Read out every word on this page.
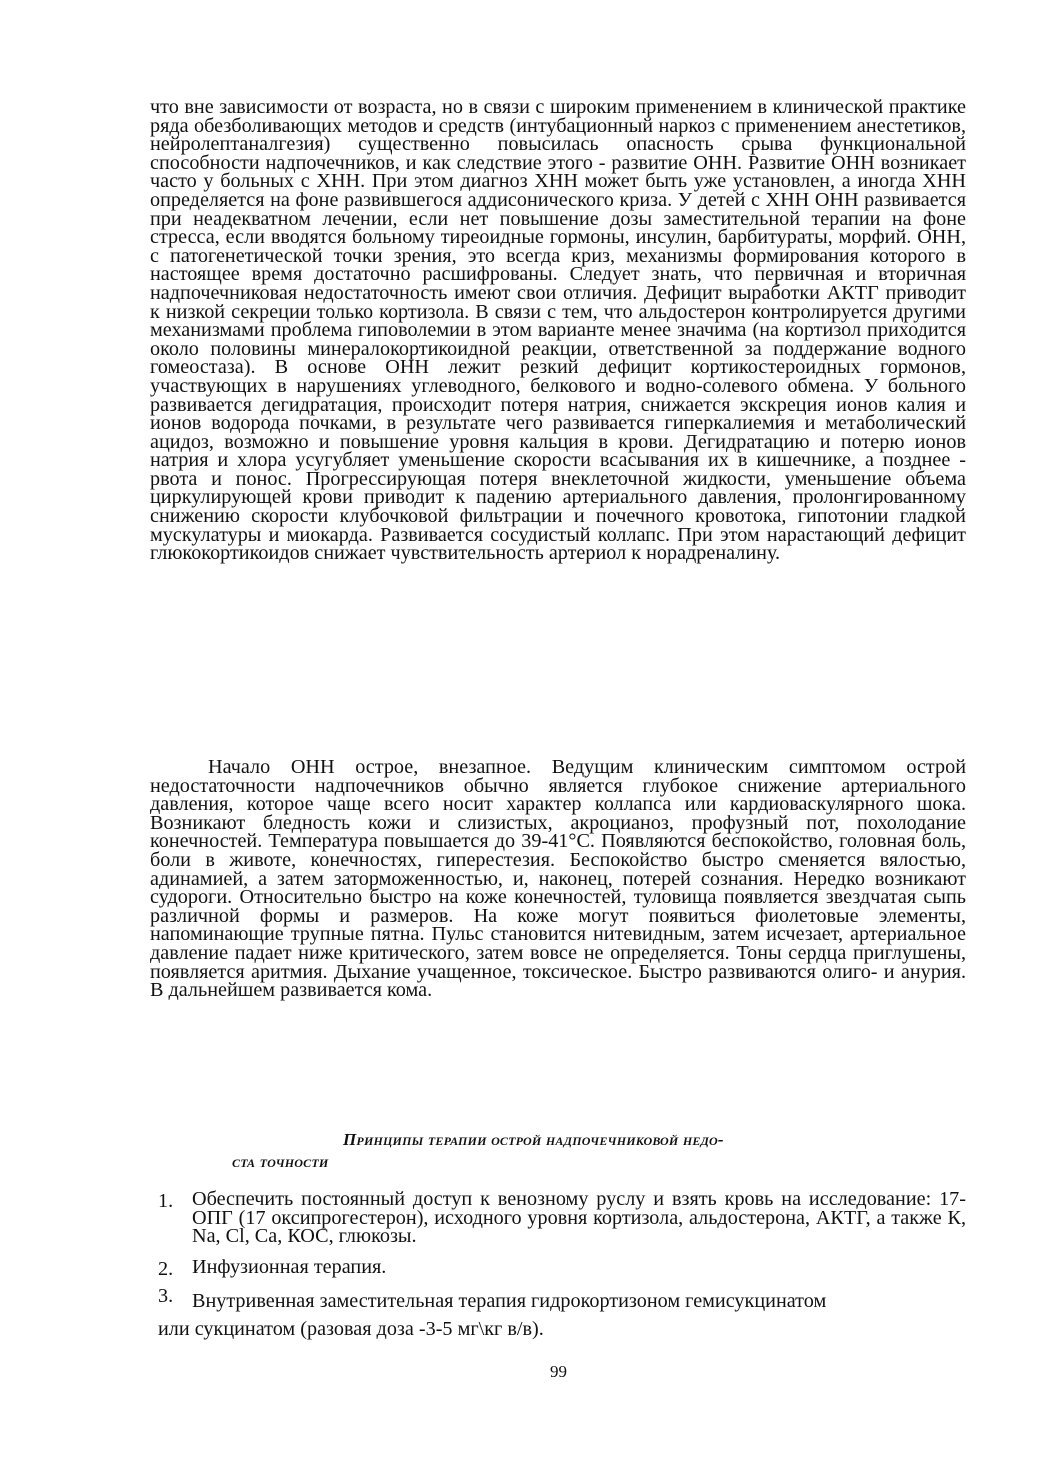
что вне зависимости от возраста, но в связи с широким применением в клинической практике ряда обезболивающих методов и средств (интубационный наркоз с применением анестетиков, нейролептаналгезия) существенно повысилась опасность срыва функциональной способности надпочечников, и как следствие этого - развитие ОНН. Развитие ОНН возникает часто у больных с ХНН. При этом диагноз ХНН может быть уже установлен, а иногда ХНН определяется на фоне развившегося аддисонического криза. У детей с ХНН ОНН развивается при неадекватном лечении, если нет повышение дозы заместительной терапии на фоне стресса, если вводятся больному тиреоидные гормоны, инсулин, барбитураты, морфий. ОНН, с патогенетической точки зрения, это всегда криз, механизмы формирования которого в настоящее время достаточно расшифрованы. Следует знать, что первичная и вторичная надпочечниковая недостаточность имеют свои отличия. Дефицит выработки АКТГ приводит к низкой секреции только кортизола. В связи с тем, что альдостерон контролируется другими механизмами проблема гиповолемии в этом варианте менее значима (на кортизол приходится около половины минералокортикоидной реакции, ответственной за поддержание водного гомеостаза). В основе ОНН лежит резкий дефицит кортикостероидных гормонов, участвующих в нарушениях углеводного, белкового и водно-солевого обмена. У больного развивается дегидратация, происходит потеря натрия, снижается экскреция ионов калия и ионов водорода почками, в результате чего развивается гиперкалиемия и метаболический ацидоз, возможно и повышение уровня кальция в крови. Дегидратацию и потерю ионов натрия и хлора усугубляет уменьшение скорости всасывания их в кишечнике, а позднее - рвота и понос. Прогрессирующая потеря внеклеточной жидкости, уменьшение объема циркулирующей крови приводит к падению артериального давления, пролонгированному снижению скорости клубочковой фильтрации и почечного кровотока, гипотонии гладкой мускулатуры и миокарда. Развивается сосудистый коллапс. При этом нарастающий дефицит глюкокортикоидов снижает чувствительность артериол к норадреналину.

Начало ОНН острое, внезапное. Ведущим клиническим симптомом острой недостаточности надпочечников обычно является глубокое снижение артериального давления, которое чаще всего носит характер коллапса или кардиоваскулярного шока. Возникают бледность кожи и слизистых, акроцианоз, профузный пот, похолодание конечностей. Температура повышается до 39-41°С. Появляются беспокойство, головная боль, боли в животе, конечностях, гиперестезия. Беспокойство быстро сменяется вялостью, адинамией, а затем заторможенностью, и, наконец, потерей сознания. Нередко возникают судороги. Относительно быстро на коже конечностей, туловища появляется звездчатая сыпь различной формы и размеров. На коже могут появиться фиолетовые элементы, напоминающие трупные пятна. Пульс становится нитевидным, затем исчезает, артериальное давление падает ниже критического, затем вовсе не определяется. Тоны сердца приглушены, появляется аритмия. Дыхание учащенное, токсическое. Быстро развиваются олиго- и анурия. В дальнейшем развивается кома.

Принципы терапии острой надпочечниковой недо-

ста точности

1. Обеспечить постоянный доступ к венозному руслу и взять кровь на исследование: 17-ОПГ (17 оксипрогестерон), исходного уровня кортизола, альдостерона, АКТГ, а также К, Na, Cl, Ca, КОС, глюкозы.
2. Инфузионная терапия.
3. Внутривенная заместительная терапия гидрокортизоном гемисукцинатом
или сукцинатом (разовая доза -3-5 мг\кг в/в).
99
